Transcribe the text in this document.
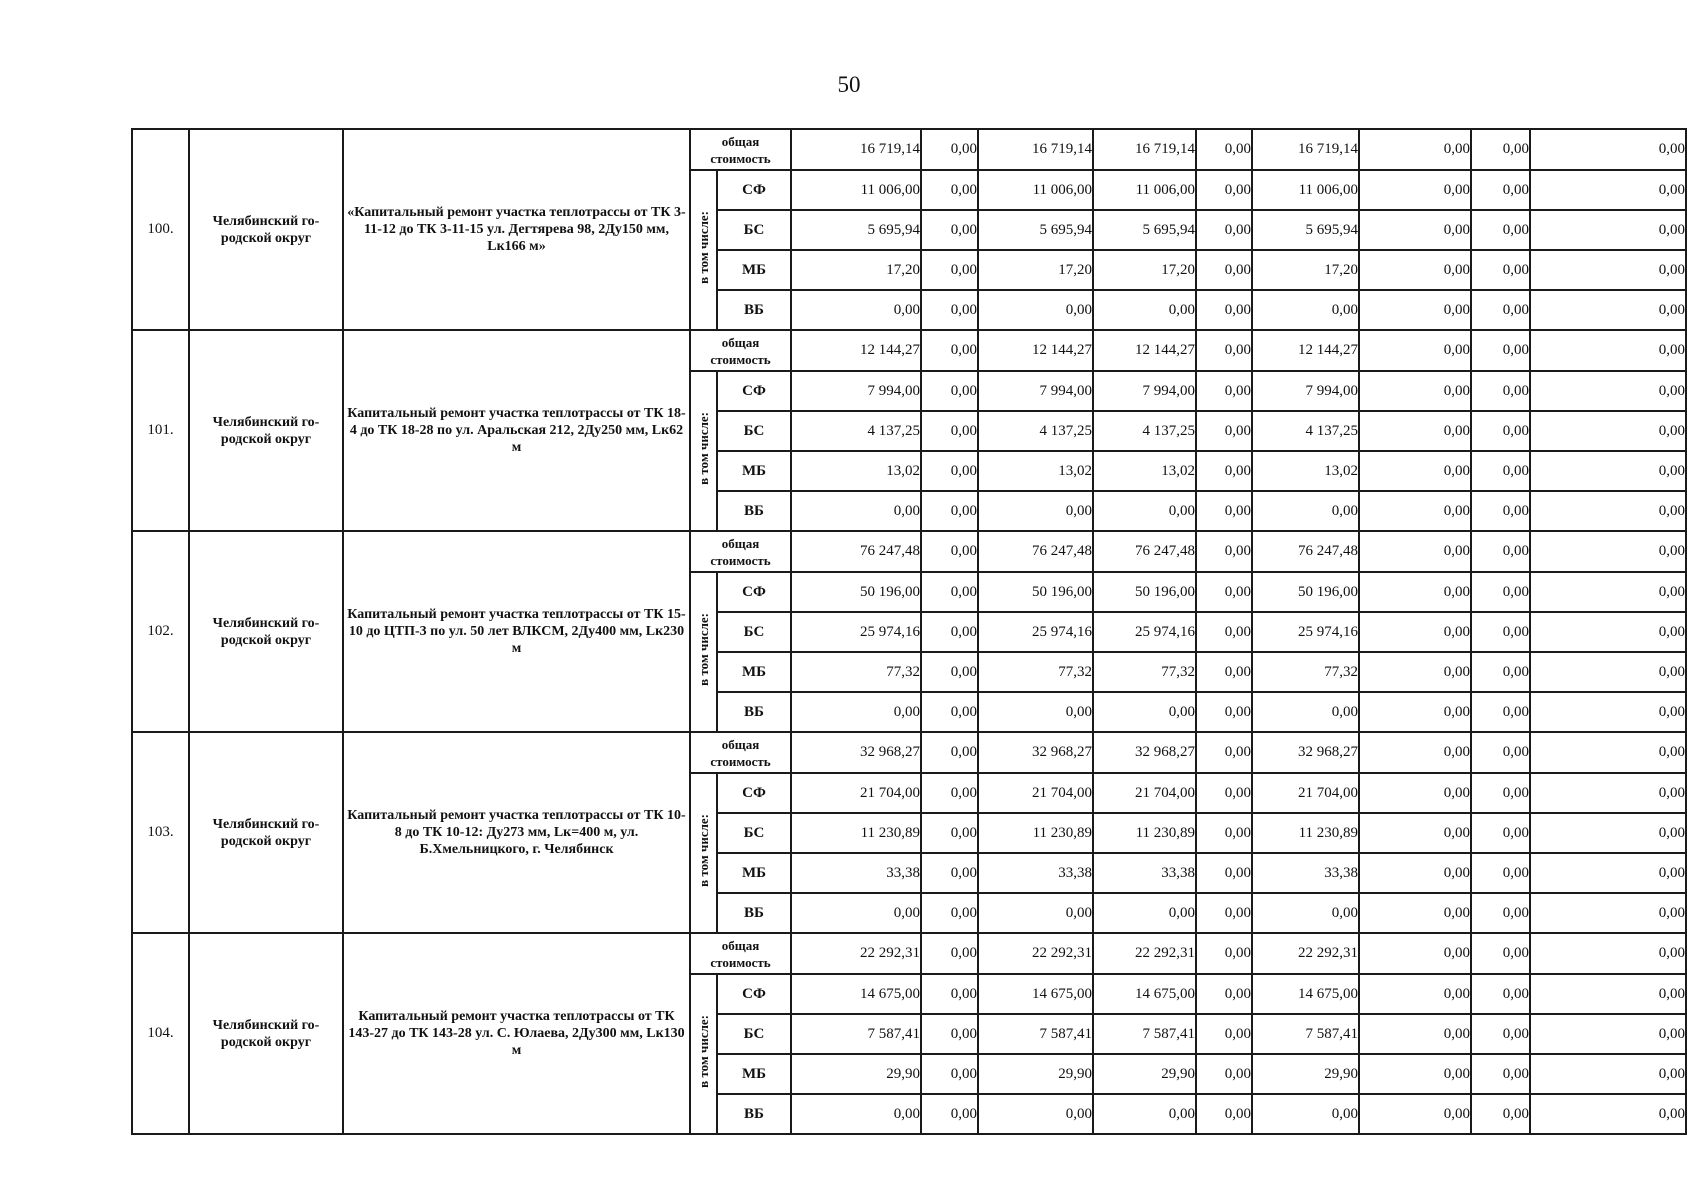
50
100.	Челябинский го-родской округ	«Капитальный ремонт участка теплотрассы от ТК 3-11-12 до ТК 3-11-15 ул. Дегтярева 98, 2Ду150 мм, Lк166 м»	общая стоимость		16 719,14	0,00	16 719,14	16 719,14	0,00	16 719,14	0,00	0,00	0,00
			в том числе:	СФ	11 006,00	0,00	11 006,00	11 006,00	0,00	11 006,00	0,00	0,00	0,00
				БС	5 695,94	0,00	5 695,94	5 695,94	0,00	5 695,94	0,00	0,00	0,00
				МБ	17,20	0,00	17,20	17,20	0,00	17,20	0,00	0,00	0,00
				ВБ	0,00	0,00	0,00	0,00	0,00	0,00	0,00	0,00	0,00
101.	Челябинский го-родской округ	Капитальный ремонт участка теплотрассы от ТК 18-4 до ТК 18-28 по ул. Аральская 212, 2Ду250 мм, Lк62 м	общая стоимость		12 144,27	0,00	12 144,27	12 144,27	0,00	12 144,27	0,00	0,00	0,00
			в том числе:	СФ	7 994,00	0,00	7 994,00	7 994,00	0,00	7 994,00	0,00	0,00	0,00
				БС	4 137,25	0,00	4 137,25	4 137,25	0,00	4 137,25	0,00	0,00	0,00
				МБ	13,02	0,00	13,02	13,02	0,00	13,02	0,00	0,00	0,00
				ВБ	0,00	0,00	0,00	0,00	0,00	0,00	0,00	0,00	0,00
102.	Челябинский го-родской округ	Капитальный ремонт участка теплотрассы от ТК 15-10 до ЦТП-3 по ул. 50 лет ВЛКСМ, 2Ду400 мм, Lк230 м	общая стоимость		76 247,48	0,00	76 247,48	76 247,48	0,00	76 247,48	0,00	0,00	0,00
			в том числе:	СФ	50 196,00	0,00	50 196,00	50 196,00	0,00	50 196,00	0,00	0,00	0,00
				БС	25 974,16	0,00	25 974,16	25 974,16	0,00	25 974,16	0,00	0,00	0,00
				МБ	77,32	0,00	77,32	77,32	0,00	77,32	0,00	0,00	0,00
				ВБ	0,00	0,00	0,00	0,00	0,00	0,00	0,00	0,00	0,00
103.	Челябинский го-родской округ	Капитальный ремонт участка теплотрассы от ТК 10-8 до ТК 10-12: Ду273 мм, Lк=400 м, ул. Б.Хмельницкого, г. Челябинск	общая стоимость		32 968,27	0,00	32 968,27	32 968,27	0,00	32 968,27	0,00	0,00	0,00
			в том числе:	СФ	21 704,00	0,00	21 704,00	21 704,00	0,00	21 704,00	0,00	0,00	0,00
				БС	11 230,89	0,00	11 230,89	11 230,89	0,00	11 230,89	0,00	0,00	0,00
				МБ	33,38	0,00	33,38	33,38	0,00	33,38	0,00	0,00	0,00
				ВБ	0,00	0,00	0,00	0,00	0,00	0,00	0,00	0,00	0,00
104.	Челябинский го-родской округ	Капитальный ремонт участка теплотрассы от ТК 143-27 до ТК 143-28 ул. С. Юлаева, 2Ду300 мм, Lк130 м	общая стоимость		22 292,31	0,00	22 292,31	22 292,31	0,00	22 292,31	0,00	0,00	0,00
			в том числе:	СФ	14 675,00	0,00	14 675,00	14 675,00	0,00	14 675,00	0,00	0,00	0,00
				БС	7 587,41	0,00	7 587,41	7 587,41	0,00	7 587,41	0,00	0,00	0,00
				МБ	29,90	0,00	29,90	29,90	0,00	29,90	0,00	0,00	0,00
				ВБ	0,00	0,00	0,00	0,00	0,00	0,00	0,00	0,00	0,00
